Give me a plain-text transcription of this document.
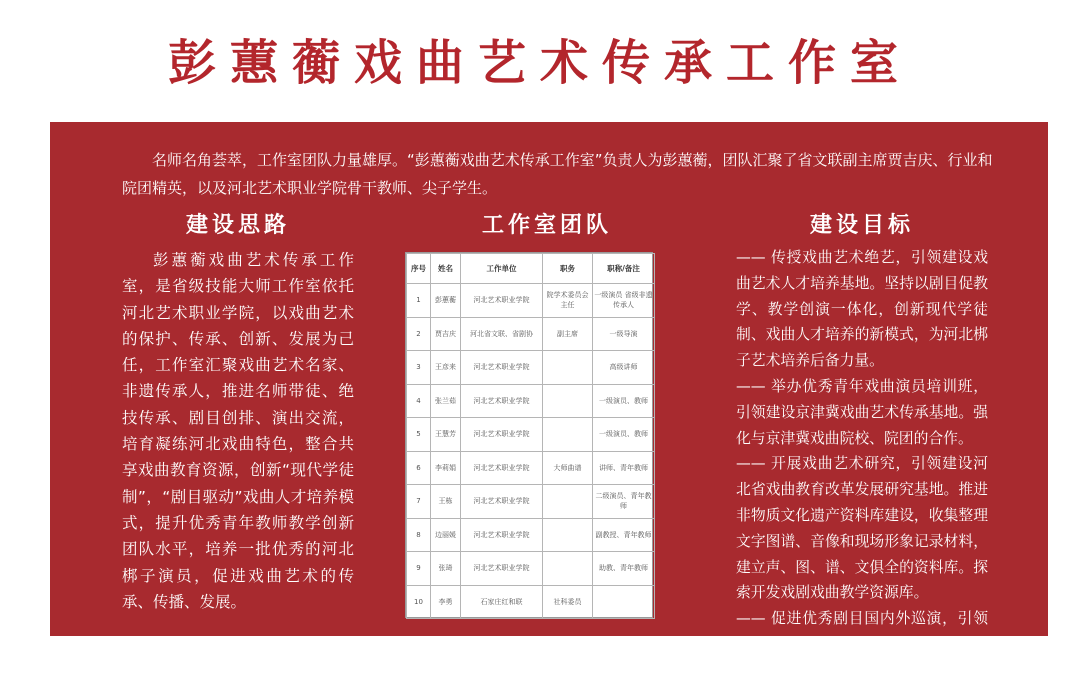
彭蕙蘅戏曲艺术传承工作室
名师名角荟萃，工作室团队力量雄厚。“彭蕙蘅戏曲艺术传承工作室”负责人为彭蕙蘅，团队汇聚了省文联副主席贾吉庆、行业和院团精英，以及河北艺术职业学院骨干教师、尖子学生。
建设思路
彭蕙蘅戏曲艺术传承工作室，是省级技能大师工作室依托河北艺术职业学院，以戏曲艺术的保护、传承、创新、发展为己任，工作室汇聚戏曲艺术名家、非遗传承人，推进名师带徒、绝技传承、剧目创排、演出交流，培育凝练河北戏曲特色，整合共享戏曲教育资源，创新“现代学徒制”，“剧目驱动”戏曲人才培养模式，提升优秀青年教师教学创新团队水平，培养一批优秀的河北梆子演员，促进戏曲艺术的传承、传播、发展。
工作室团队
序号	姓名	工作单位	职务	职称/备注
1	彭蕙蘅	河北艺术职业学院	院学术委员会主任	一级演员 省级非遗传承人
2	贾吉庆	河北省文联、省剧协	副主席	一级导演
3	王彦来	河北艺术职业学院		高级讲师
4	张兰茹	河北艺术职业学院		一级演员、教师
5	王慧芳	河北艺术职业学院		一级演员、教师
6	李莉娟	河北艺术职业学院	大师曲谱	讲师、青年教师
7	王栋	河北艺术职业学院		二级演员、青年教师
8	边丽媛	河北艺术职业学院		副教授、青年教师
9	张琦	河北艺术职业学院		助教、青年教师
10	李勇	石家庄红和联	社科委员	
建设目标

—— 传授戏曲艺术绝艺，引领建设戏曲艺术人才培养基地。坚持以剧目促教学、教学创演一体化，创新现代学徒制、戏曲人才培养的新模式，为河北梆子艺术培养后备力量。

—— 举办优秀青年戏曲演员培训班，引领建设京津冀戏曲艺术传承基地。强化与京津冀戏曲院校、院团的合作。

—— 开展戏曲艺术研究，引领建设河北省戏曲教育改革发展研究基地。推进非物质文化遗产资料库建设，收集整理文字图谱、音像和现场形象记录材料，建立声、图、谱、文俱全的资料库。探索开发戏剧戏曲教学资源库。

—— 促进优秀剧目国内外巡演，引领建设戏曲艺术传统和现代精品戏传播基地。
